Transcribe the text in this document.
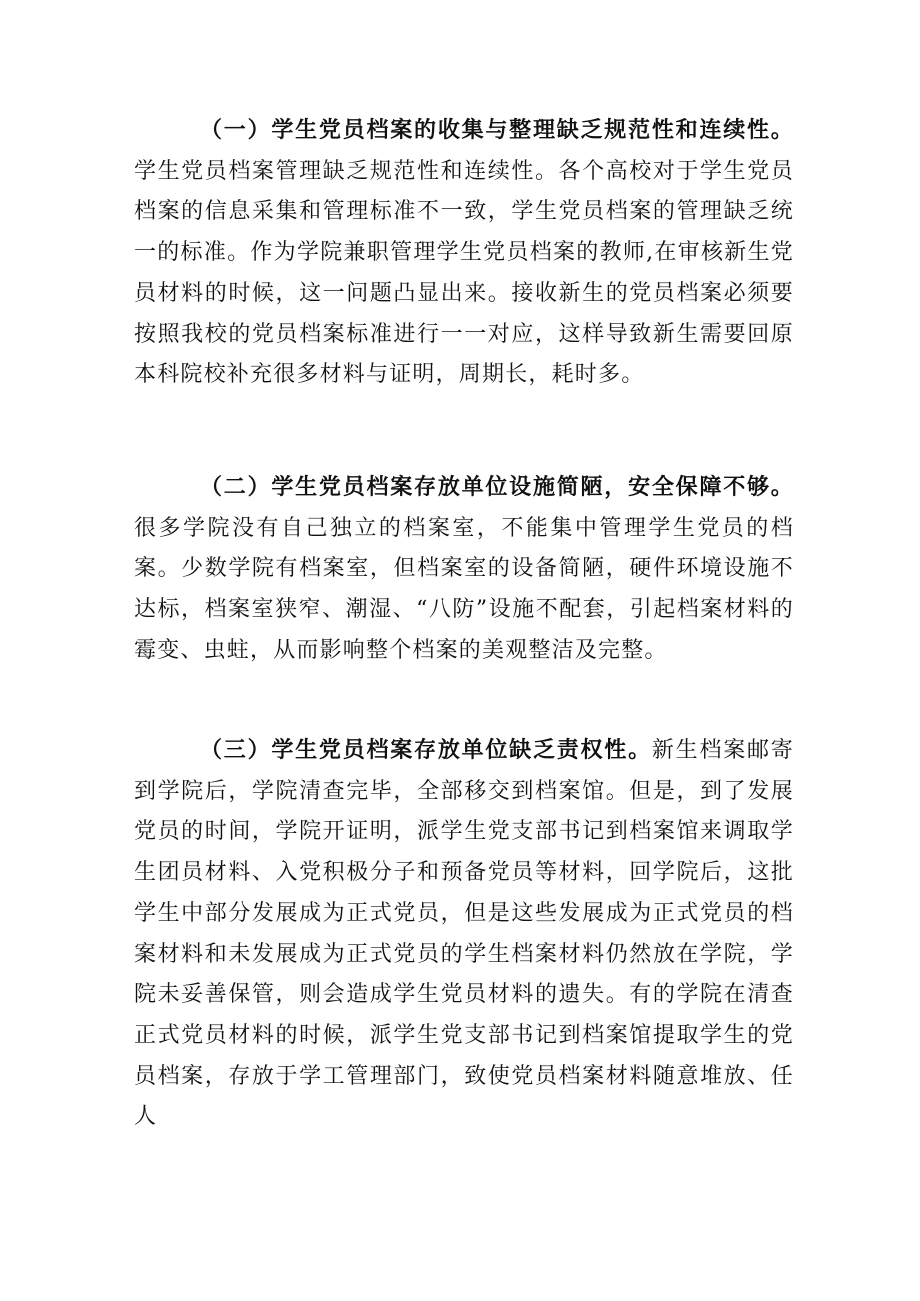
（一）学生党员档案的收集与整理缺乏规范性和连续性。学生党员档案管理缺乏规范性和连续性。各个高校对于学生党员档案的信息采集和管理标准不一致，学生党员档案的管理缺乏统一的标准。作为学院兼职管理学生党员档案的教师,在审核新生党员材料的时候，这一问题凸显出来。接收新生的党员档案必须要按照我校的党员档案标准进行一一对应，这样导致新生需要回原本科院校补充很多材料与证明，周期长，耗时多。

（二）学生党员档案存放单位设施简陋，安全保障不够。很多学院没有自己独立的档案室，不能集中管理学生党员的档案。少数学院有档案室，但档案室的设备简陋，硬件环境设施不达标，档案室狭窄、潮湿、“八防”设施不配套，引起档案材料的霉变、虫蛀，从而影响整个档案的美观整洁及完整。

（三）学生党员档案存放单位缺乏责权性。新生档案邮寄到学院后，学院清查完毕，全部移交到档案馆。但是，到了发展党员的时间，学院开证明，派学生党支部书记到档案馆来调取学生团员材料、入党积极分子和预备党员等材料，回学院后，这批学生中部分发展成为正式党员，但是这些发展成为正式党员的档案材料和未发展成为正式党员的学生档案材料仍然放在学院，学院未妥善保管，则会造成学生党员材料的遗失。有的学院在清查正式党员材料的时候，派学生党支部书记到档案馆提取学生的党员档案，存放于学工管理部门，致使党员档案材料随意堆放、任人
